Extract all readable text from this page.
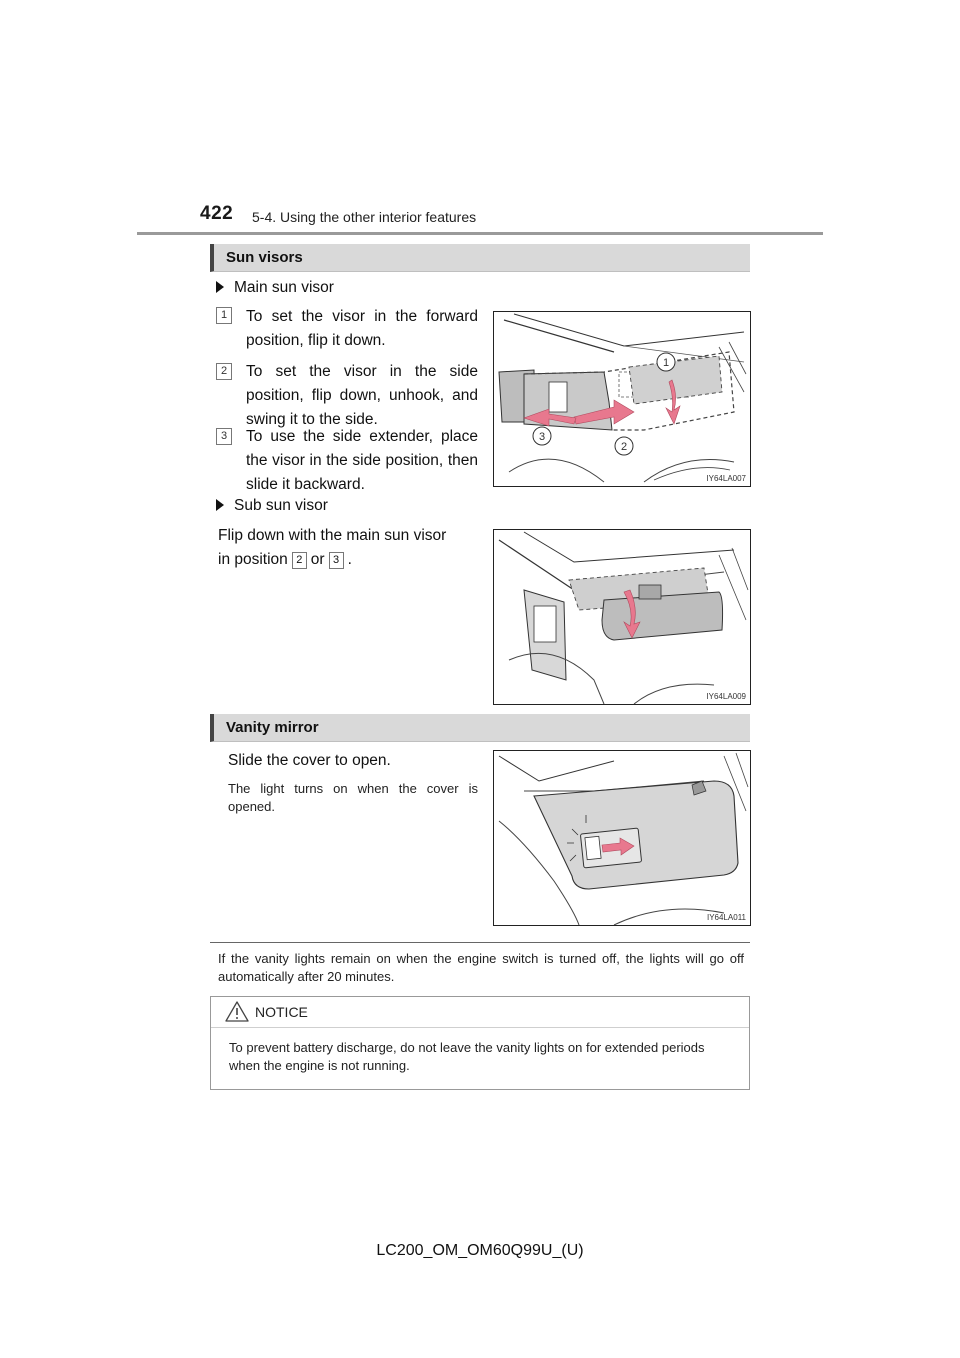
422 5-4. Using the other interior features
Sun visors
Main sun visor
1	To set the visor in the forward position, flip it down.
2	To set the visor in the side position, flip down, unhook, and swing it to the side.
3	To use the side extender, place the visor in the side position, then slide it backward.
1
2
3
IY64LA007
Sub sun visor
Flip down with the main sun visor
in position 2 or 3 .
IY64LA009
Vanity mirror
Slide the cover to open.
The light turns on when the cover is opened.
IY64LA011
If the vanity lights remain on when the engine switch is turned off, the lights will go off automatically after 20 minutes.
NOTICE
To prevent battery discharge, do not leave the vanity lights on for extended periods when the engine is not running.
LC200_OM_OM60Q99U_(U)
